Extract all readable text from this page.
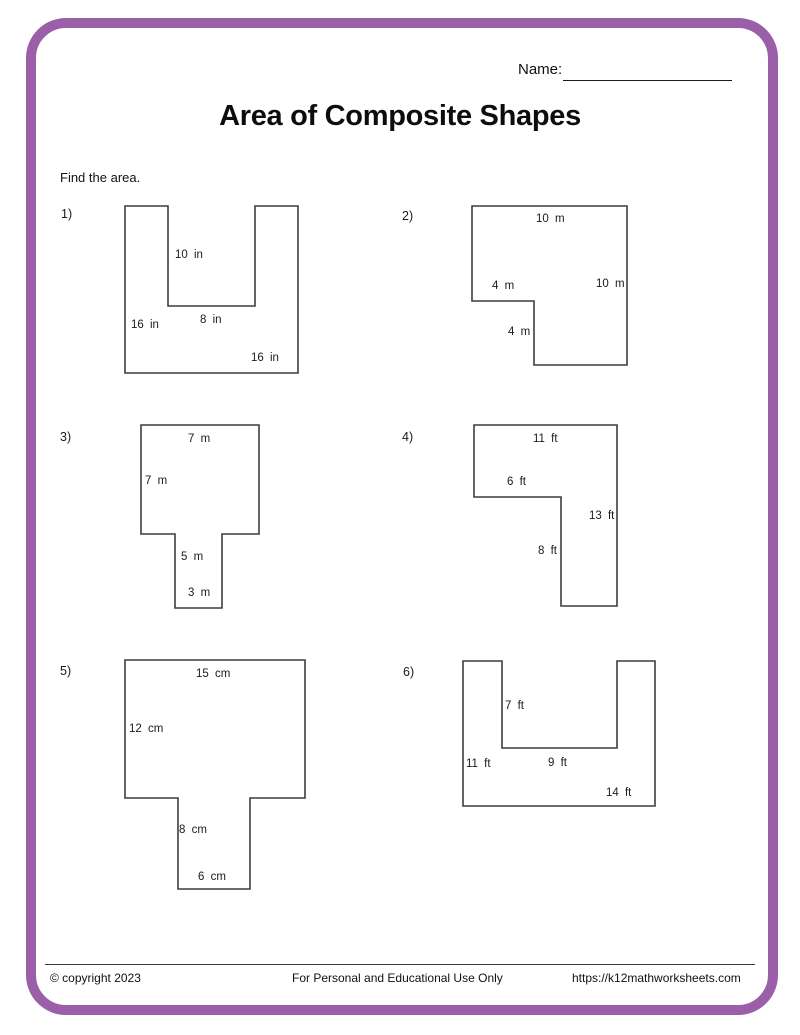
Name:
Area of Composite Shapes
Find the area.
1)	2)
3)	4)
5)	6)
10 in
16 in	8 in
16 in
10 m
4 m	10 m
4 m
7 m
7 m
5 m
3 m
11 ft
6 ft
13 ft
8 ft
15 cm
12 cm
8 cm
6 cm
7 ft
11 ft	9 ft
14 ft
© copyright 2023	For Personal and Educational Use Only	https://k12mathworksheets.com
